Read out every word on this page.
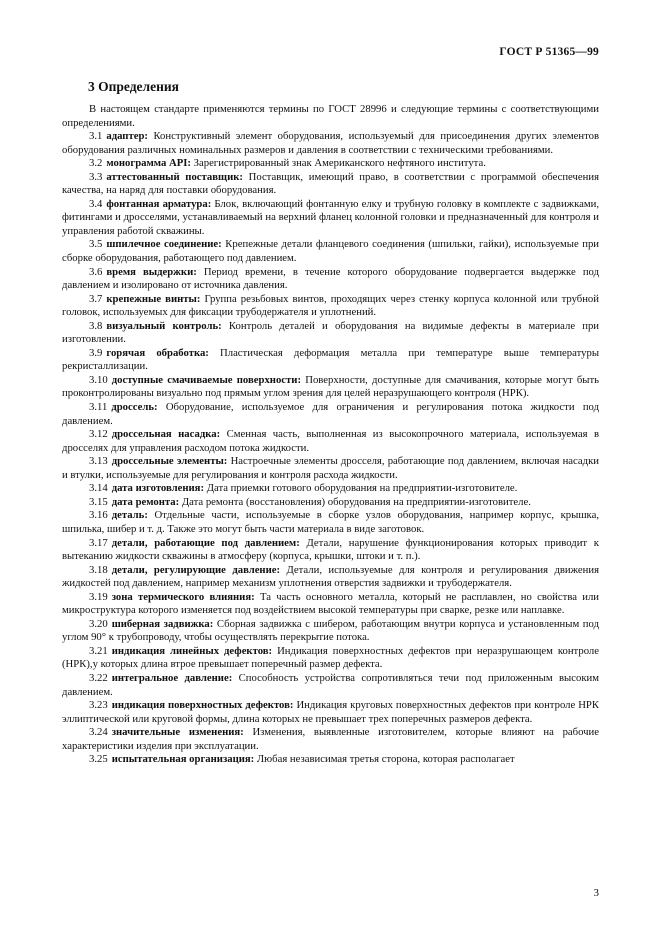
ГОСТ Р 51365—99
3 Определения

В настоящем стандарте применяются термины по ГОСТ 28996 и следующие термины с соответствующими определениями.

3.1 адаптер: Конструктивный элемент оборудования, используемый для присоединения других элементов оборудования различных номинальных размеров и давления в соответствии с техническими требованиями.

3.2 монограмма API: Зарегистрированный знак Американского нефтяного института.

3.3 аттестованный поставщик: Поставщик, имеющий право, в соответствии с программой обеспечения качества, на наряд для поставки оборудования.

3.4 фонтанная арматура: Блок, включающий фонтанную елку и трубную головку в комплекте с задвижками, фитингами и дросселями, устанавливаемый на верхний фланец колонной головки и предназначенный для контроля и управления работой скважины.

3.5 шпилечное соединение: Крепежные детали фланцевого соединения (шпильки, гайки), используемые при сборке оборудования, работающего под давлением.

3.6 время выдержки: Период времени, в течение которого оборудование подвергается выдержке под давлением и изолировано от источника давления.

3.7 крепежные винты: Группа резьбовых винтов, проходящих через стенку корпуса колонной или трубной головок, используемых для фиксации трубодержателя и уплотнений.

3.8 визуальный контроль: Контроль деталей и оборудования на видимые дефекты в материале при изготовлении.

3.9 горячая обработка: Пластическая деформация металла при температуре выше температуры рекристаллизации.

3.10 доступные смачиваемые поверхности: Поверхности, доступные для смачивания, которые могут быть проконтролированы визуально под прямым углом зрения для целей неразрушающего контроля (НРК).

3.11 дроссель: Оборудование, используемое для ограничения и регулирования потока жидкости под давлением.

3.12 дроссельная насадка: Сменная часть, выполненная из высокопрочного материала, используемая в дросселях для управления расходом потока жидкости.

3.13 дроссельные элементы: Настроечные элементы дросселя, работающие под давлением, включая насадки и втулки, используемые для регулирования и контроля расхода жидкости.

3.14 дата изготовления: Дата приемки готового оборудования на предприятии-изготовителе.

3.15 дата ремонта: Дата ремонта (восстановления) оборудования на предприятии-изготовителе.

3.16 деталь: Отдельные части, используемые в сборке узлов оборудования, например корпус, крышка, шпилька, шибер и т. д. Также это могут быть части материала в виде заготовок.

3.17 детали, работающие под давлением: Детали, нарушение функционирования которых приводит к вытеканию жидкости скважины в атмосферу (корпуса, крышки, штоки и т. п.).

3.18 детали, регулирующие давление: Детали, используемые для контроля и регулирования движения жидкостей под давлением, например механизм уплотнения отверстия задвижки и трубодержателя.

3.19 зона термического влияния: Та часть основного металла, который не расплавлен, но свойства или микроструктура которого изменяется под воздействием высокой температуры при сварке, резке или наплавке.

3.20 шиберная задвижка: Сборная задвижка с шибером, работающим внутри корпуса и установленным под углом 90° к трубопроводу, чтобы осуществлять перекрытие потока.

3.21 индикация линейных дефектов: Индикация поверхностных дефектов при неразрушающем контроле (НРК),у которых длина втрое превышает поперечный размер дефекта.

3.22 интегральное давление: Способность устройства сопротивляться течи под приложенным высоким давлением.

3.23 индикация поверхностных дефектов: Индикация круговых поверхностных дефектов при контроле НРК эллиптической или круговой формы, длина которых не превышает трех поперечных размеров дефекта.

3.24 значительные изменения: Изменения, выявленные изготовителем, которые влияют на рабочие характеристики изделия при эксплуатации.

3.25 испытательная организация: Любая независимая третья сторона, которая располагает

3
